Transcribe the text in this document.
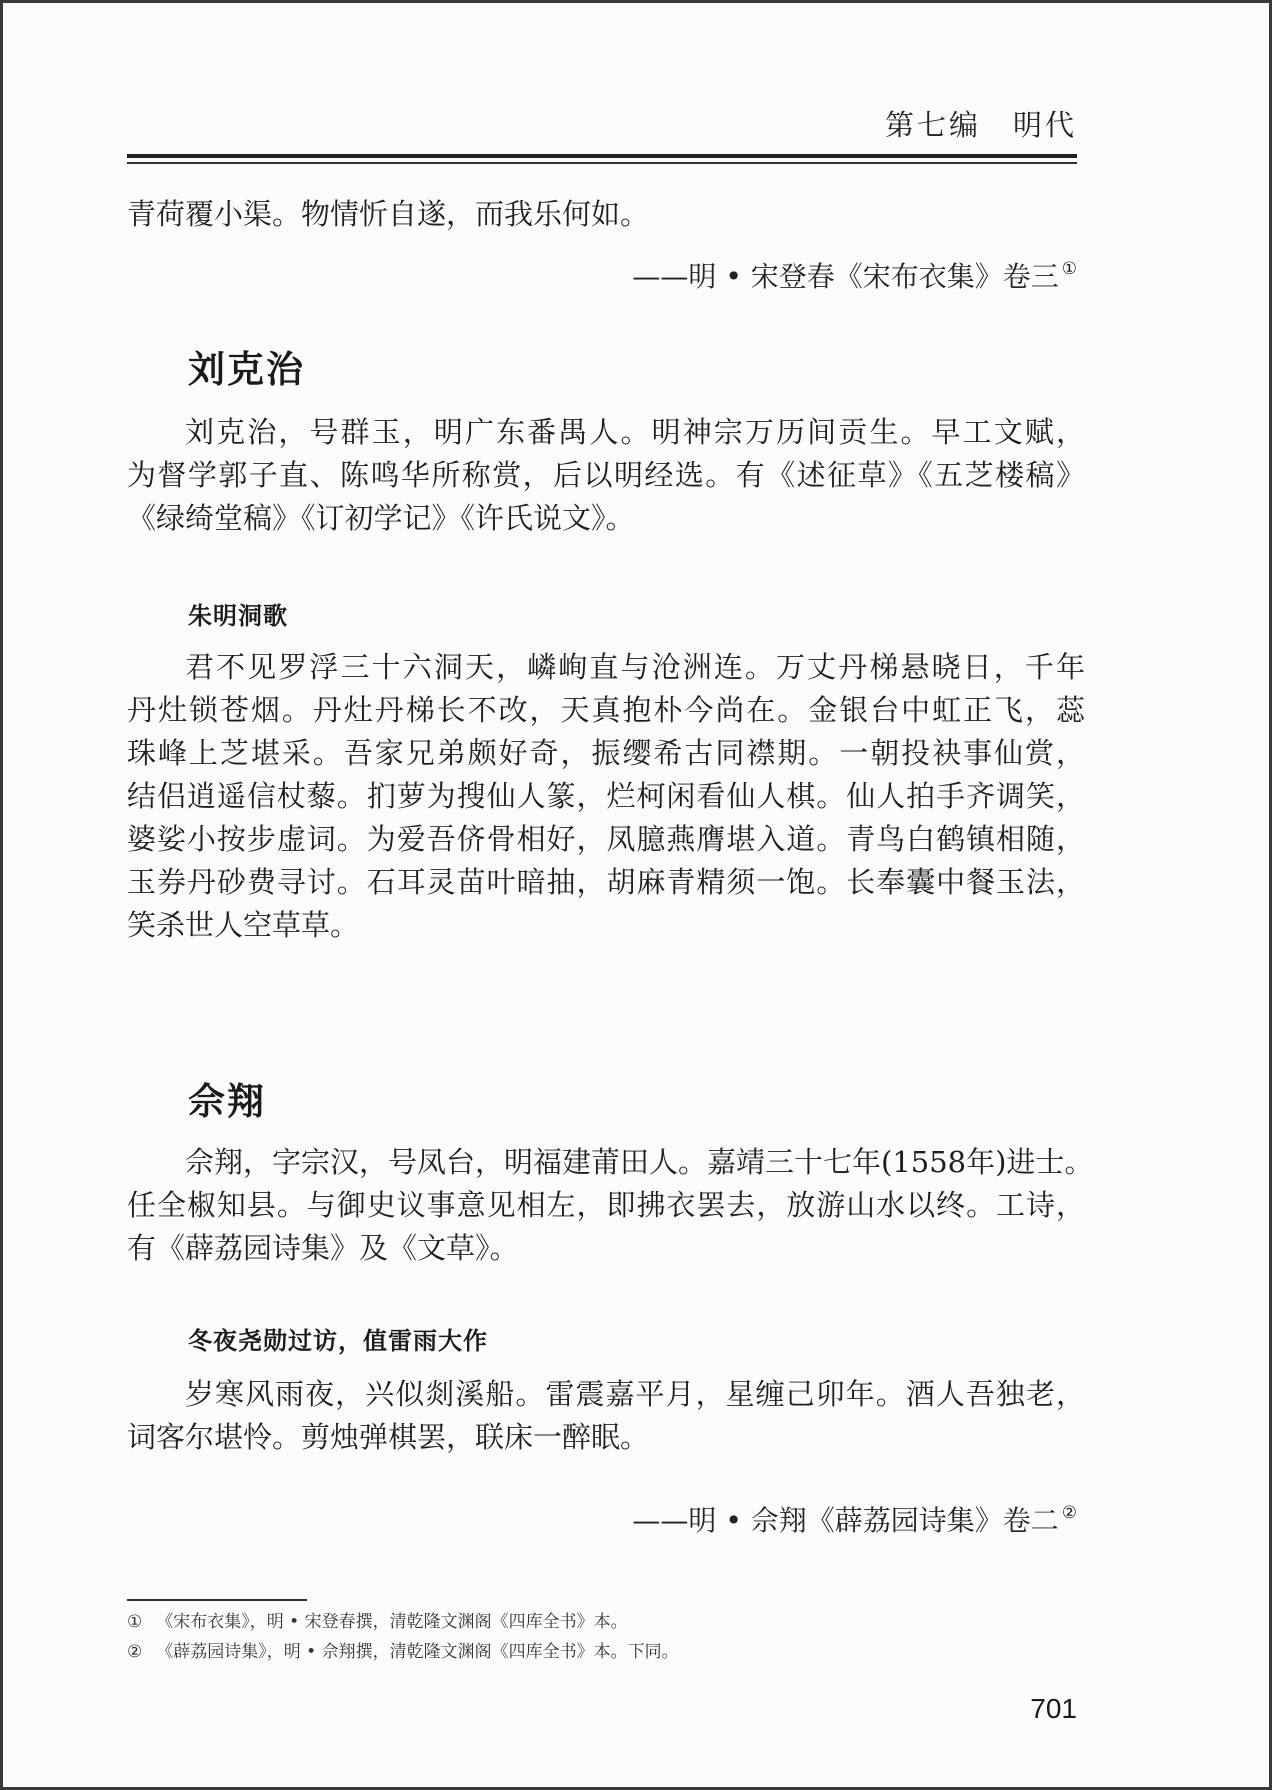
第七编　明代
青荷覆小渠。物情忻自遂，而我乐何如。
——明 • 宋登春《宋布衣集》卷三 ①
刘克治
刘克治，号群玉，明广东番禺人。明神宗万历间贡生。早工文赋，
为督学郭子直、陈鸣华所称赏，后以明经选。有《述征草》《五芝楼稿》
《绿绮堂稿》《订初学记》《许氏说文》。
朱明洞歌
君不见罗浮三十六洞天，嶙峋直与沧洲连。万丈丹梯悬晓日，千年
丹灶锁苍烟。丹灶丹梯长不改，天真抱朴今尚在。金银台中虹正飞，蕊
珠峰上芝堪采。吾家兄弟颇好奇，振缨希古同襟期。一朝投袂事仙赏，
结侣逍遥信杖藜。扪萝为搜仙人篆，烂柯闲看仙人棋。仙人拍手齐调笑，
婆娑小按步虚词。为爱吾侪骨相好，凤臆燕膺堪入道。青鸟白鹤镇相随，
玉券丹砂费寻讨。石耳灵苗叶暗抽，胡麻青精须一饱。长奉囊中餐玉法，
笑杀世人空草草。
佘翔
佘翔，字宗汉，号凤台，明福建莆田人。嘉靖三十七年(1558年)进士。
任全椒知县。与御史议事意见相左，即拂衣罢去，放游山水以终。工诗，
有《薜荔园诗集》及《文草》。
冬夜尧勋过访，值雷雨大作
岁寒风雨夜，兴似剡溪船。雷震嘉平月，星缠己卯年。酒人吾独老，
词客尔堪怜。剪烛弹棋罢，联床一醉眠。
——明 • 佘翔《薜荔园诗集》卷二 ②
① 《宋布衣集》，明 • 宋登春撰，清乾隆文渊阁《四库全书》本。
② 《薜荔园诗集》，明 • 佘翔撰，清乾隆文渊阁《四库全书》本。下同。
701
